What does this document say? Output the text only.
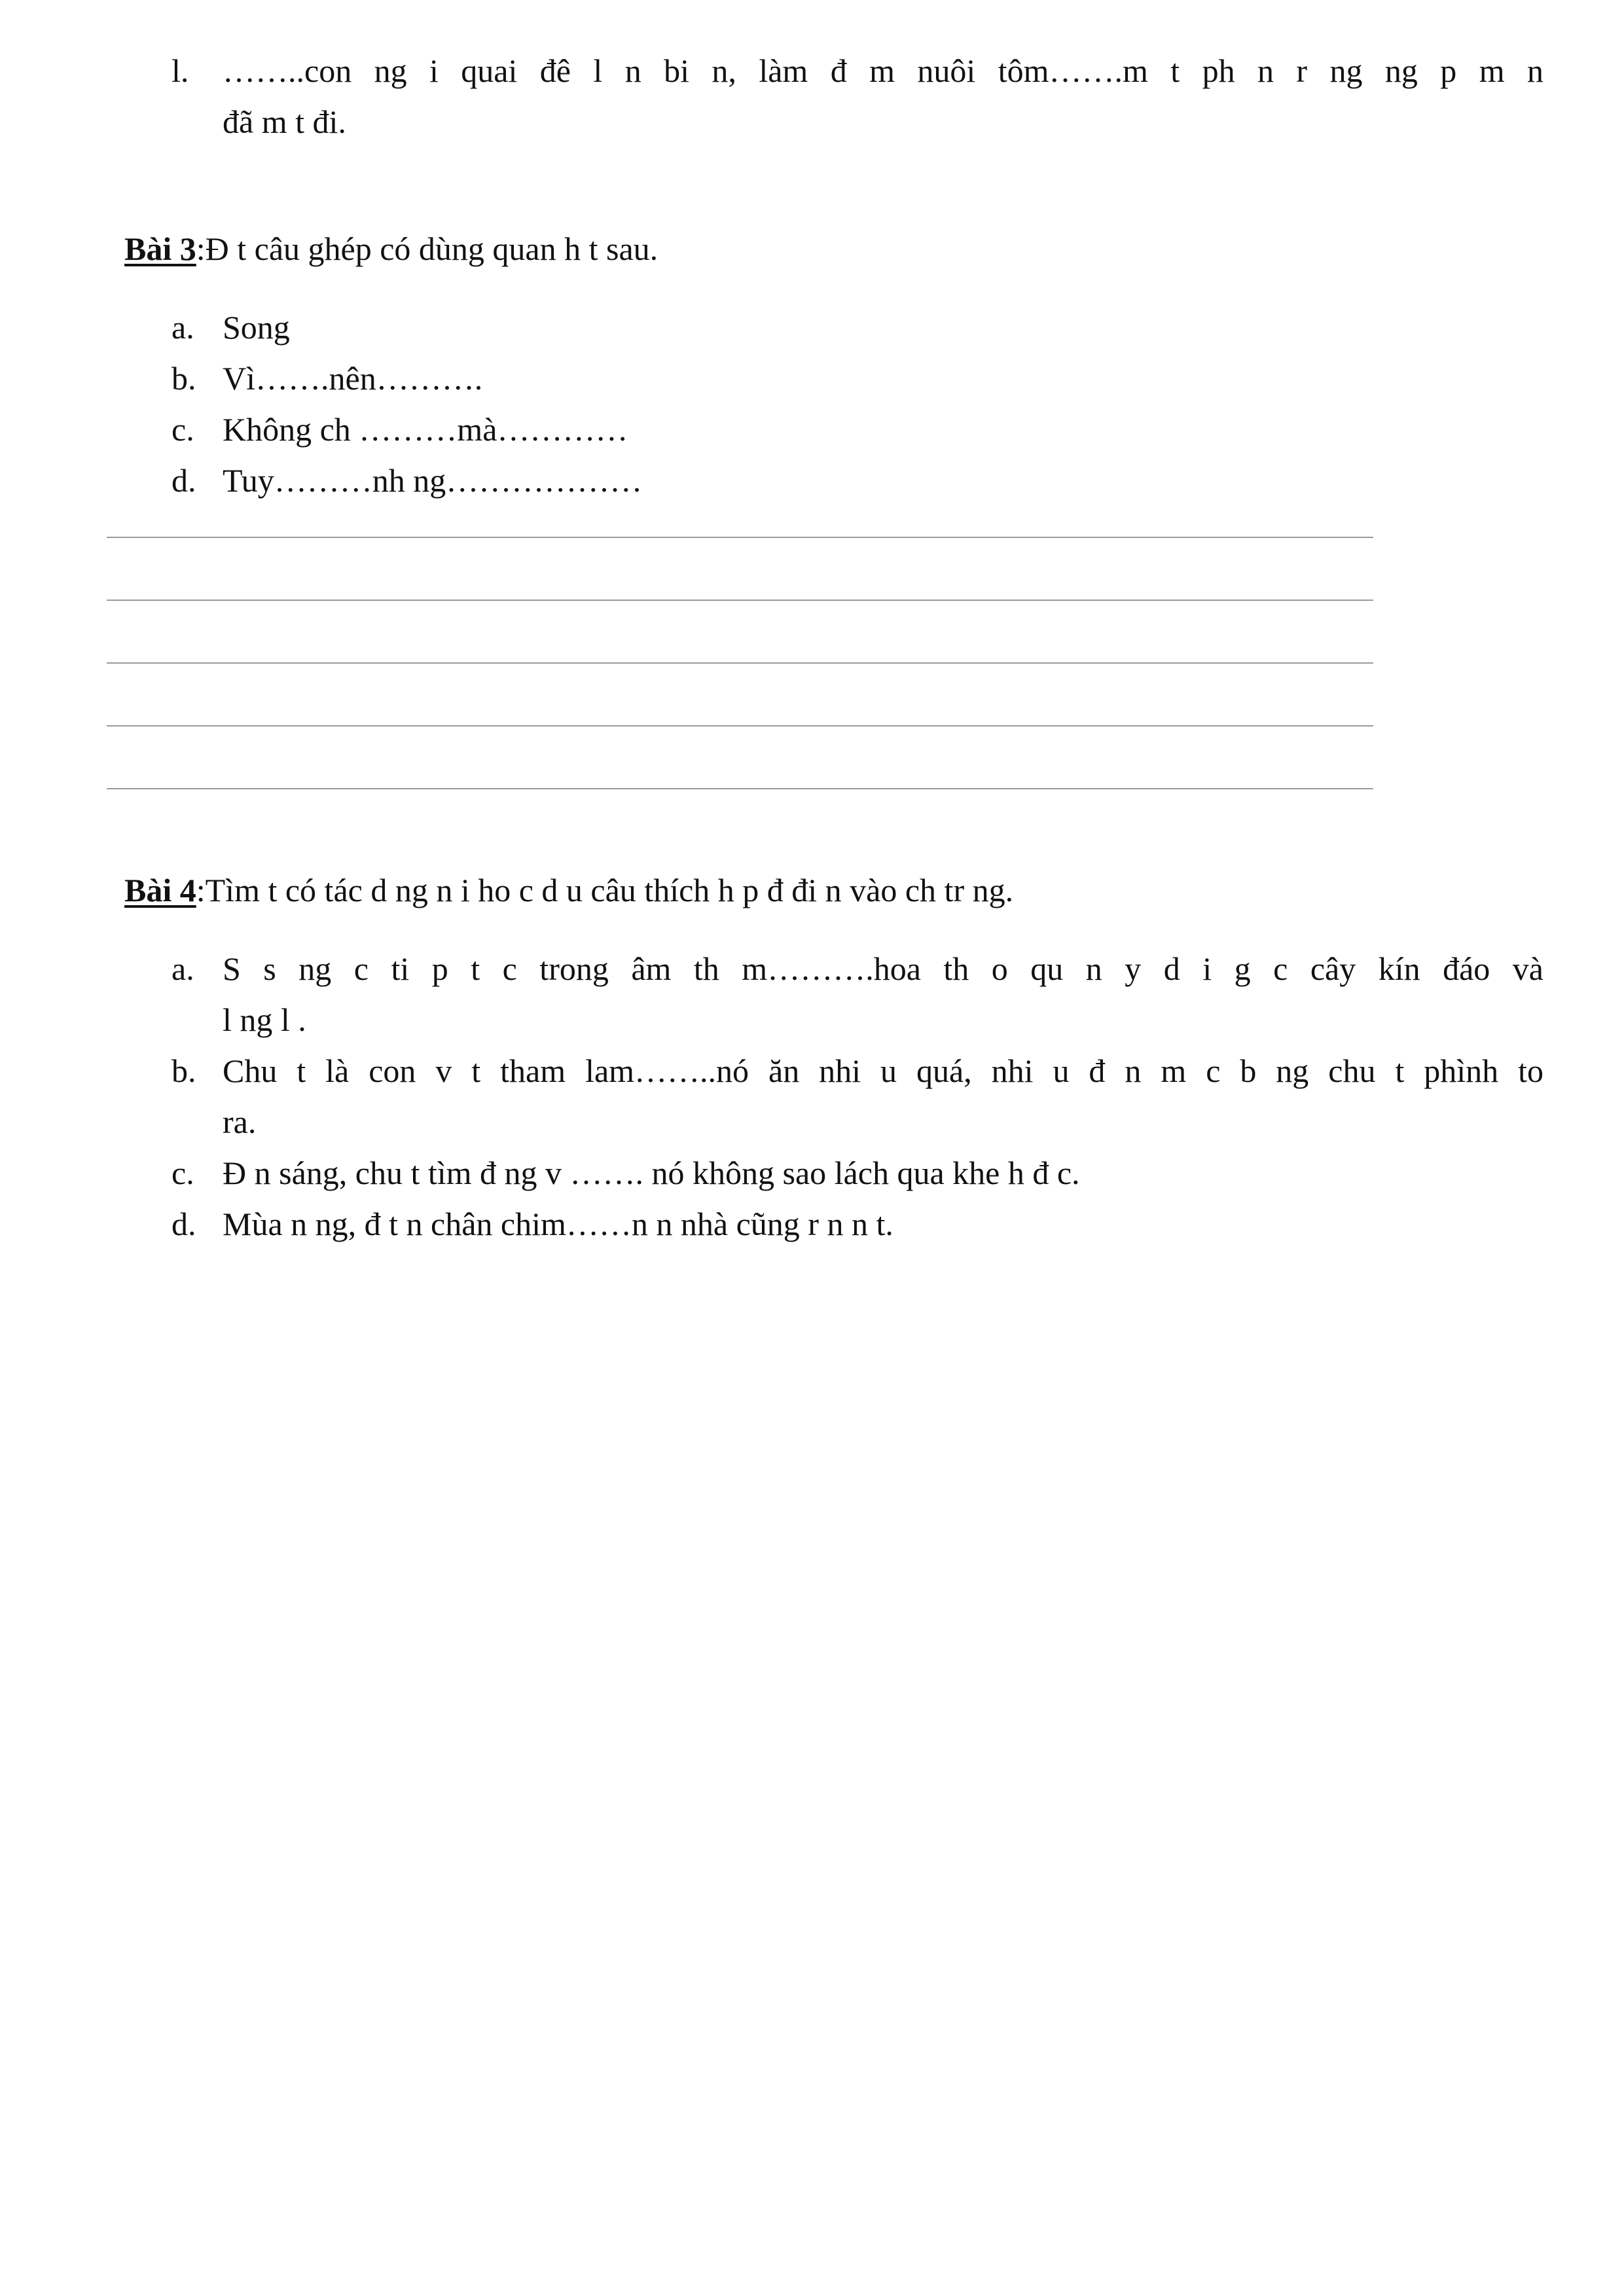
l. ……..con ng i quai đê l n bi n, làm đ m nuôi tôm…….m t ph n r ng ng p m n
đã m t đi.
Bài 3:Đ t câu ghép có dùng quan h t sau.
a. Song
b. Vì…….nên……….
c. Không ch ………mà…………
d. Tuy………nh ng………………
Bài 4:Tìm t có tác d ng n i ho c d u câu thích h p đ đi n vào ch tr ng.
a. S s ng c ti p t c trong âm th m……….hoa th o qu n y d i g c cây kín đáo và
l ng l .
b. Chu t là con v t tham lam……..nó ăn nhi u quá, nhi u đ n m c b ng chu t phình to
ra.
c. Đ n sáng, chu t tìm đ ng v ……. nó không sao lách qua khe h đ c.
d. Mùa n ng, đ t n chân chim……n n nhà cũng r n n t.
